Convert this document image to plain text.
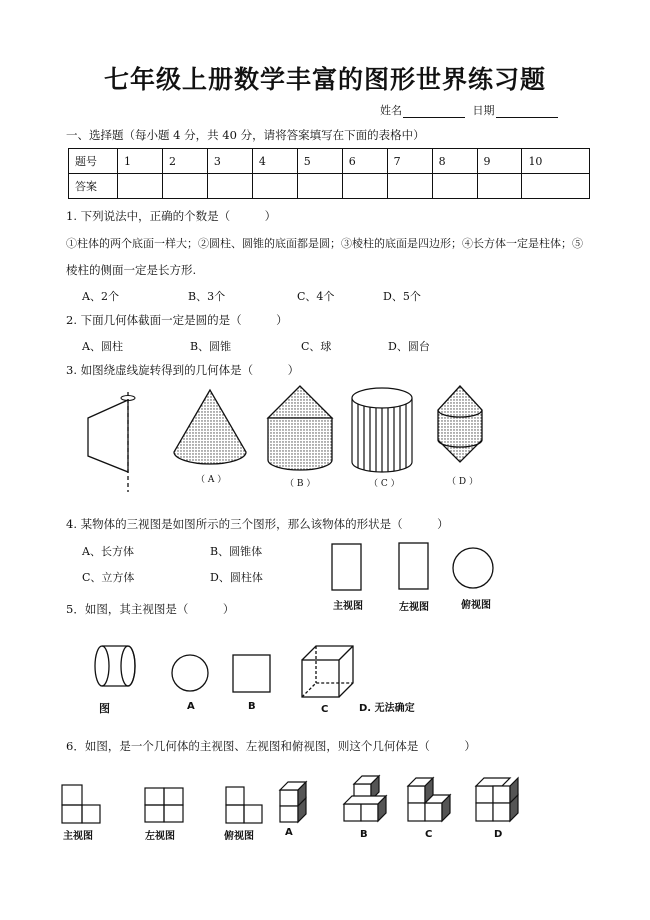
七年级上册数学丰富的图形世界练习题
姓名	日期
一、选择题（每小题 4 分，共 40 分，请将答案填写在下面的表格中）
题号	1	2	3	4	5	6	7	8	9	10
答案										
1. 下列说法中，正确的个数是（　　　）
①柱体的两个底面一样大；②圆柱、圆锥的底面都是圆；③棱柱的底面是四边形；④长方体一定是柱体；⑤
棱柱的侧面一定是长方形.
A、2个	B、3个	C、4个	D、5个
2. 下面几何体截面一定是圆的是（　　　）
A、圆柱	B、圆锥	C、球	D、圆台
3. 如图绕虚线旋转得到的几何体是（　　　）
（ A ）	（ B ）	（ C ）	（ D ）
4. 某物体的三视图是如图所示的三个图形，那么该物体的形状是（　　　）
A、长方体	B、圆锥体
C、立方体	D、圆柱体
主视图	左视图	俯视图
5．如图，其主视图是（　　　）
图	A	B	C	D. 无法确定
6．如图，是一个几何体的主视图、左视图和俯视图，则这个几何体是（　　　）
主视图	左视图	俯视图	A	B	C	D
